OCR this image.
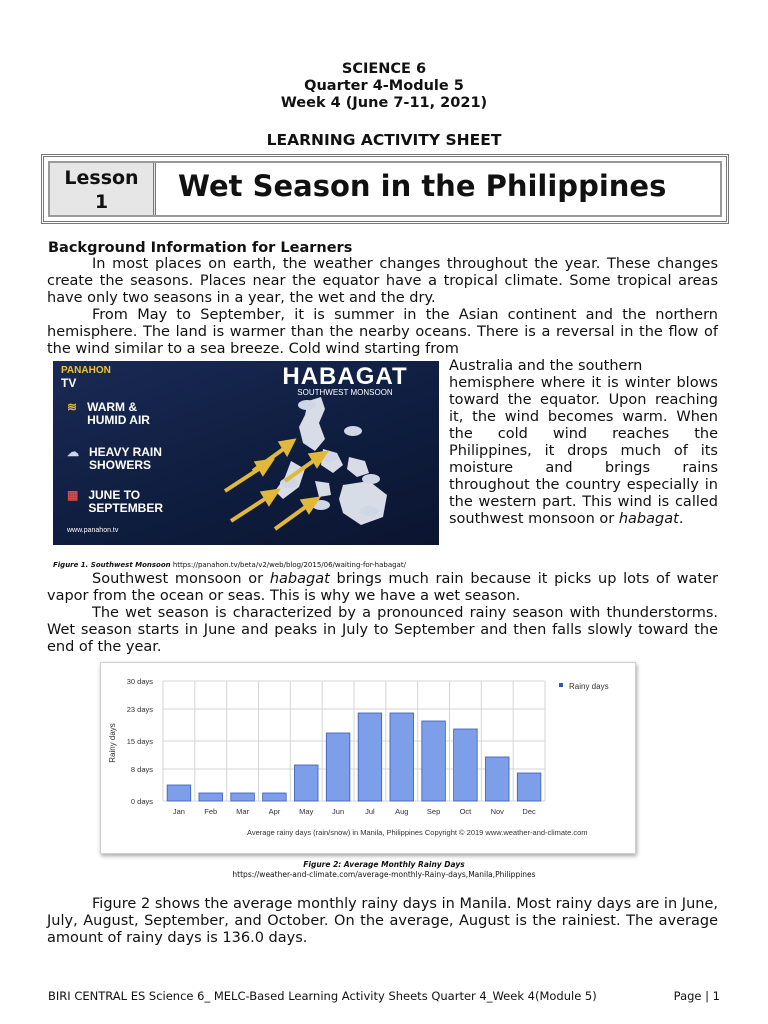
SCIENCE 6
Quarter 4-Module 5
Week 4 (June 7-11, 2021)
LEARNING ACTIVITY SHEET
Lesson
1	Wet Season in the Philippines
Background Information for Learners
In most places on earth, the weather changes throughout the year. These changes create the seasons. Places near the equator have a tropical climate. Some tropical areas have only two seasons in a year, the wet and the dry.
From May to September, it is summer in the Asian continent and the northern hemisphere. The land is warmer than the nearby oceans. There is a reversal in the flow of the wind similar to a sea breeze. Cold wind starting from
Australia and the southern
hemisphere where it is winter blows toward the equator. Upon reaching it, the wind becomes warm. When the cold wind reaches the Philippines, it drops much of its moisture and brings rains throughout the country especially in the western part. This wind is called southwest monsoon or habagat.
PANAHON
TV	HABAGAT
SOUTHWEST MONSOON
≋ WARM &
HUMID AIR
☁ HEAVY RAIN
SHOWERS
▦ JUNE TO
SEPTEMBER
www.panahon.tv
Figure 1. Southwest Monsoon https://panahon.tv/beta/v2/web/blog/2015/06/waiting-for-habagat/
Southwest monsoon or habagat brings much rain because it picks up lots of water vapor from the ocean or seas. This is why we have a wet season.
The wet season is characterized by a pronounced rainy season with thunderstorms. Wet season starts in June and peaks in July to September and then falls slowly toward the end of the year.
0 days
8 days
15 days
23 days
30 days
Jan	Feb	Mar	Apr	May Jun	Jul	Aug Sep	Oct	Nov Dec
Rainy days
Rainy days
Average rainy days (rain/snow) in Manila, Philippines Copyright © 2019 www.weather-and-climate.com
Figure 2: Average Monthly Rainy Days
https://weather-and-climate.com/average-monthly-Rainy-days,Manila,Philippines
Figure 2 shows the average monthly rainy days in Manila. Most rainy days are in June, July, August, September, and October. On the average, August is the rainiest. The average amount of rainy days is 136.0 days.
BIRI CENTRAL ES Science 6_ MELC-Based Learning Activity Sheets Quarter 4_Week 4(Module 5)	Page | 1
